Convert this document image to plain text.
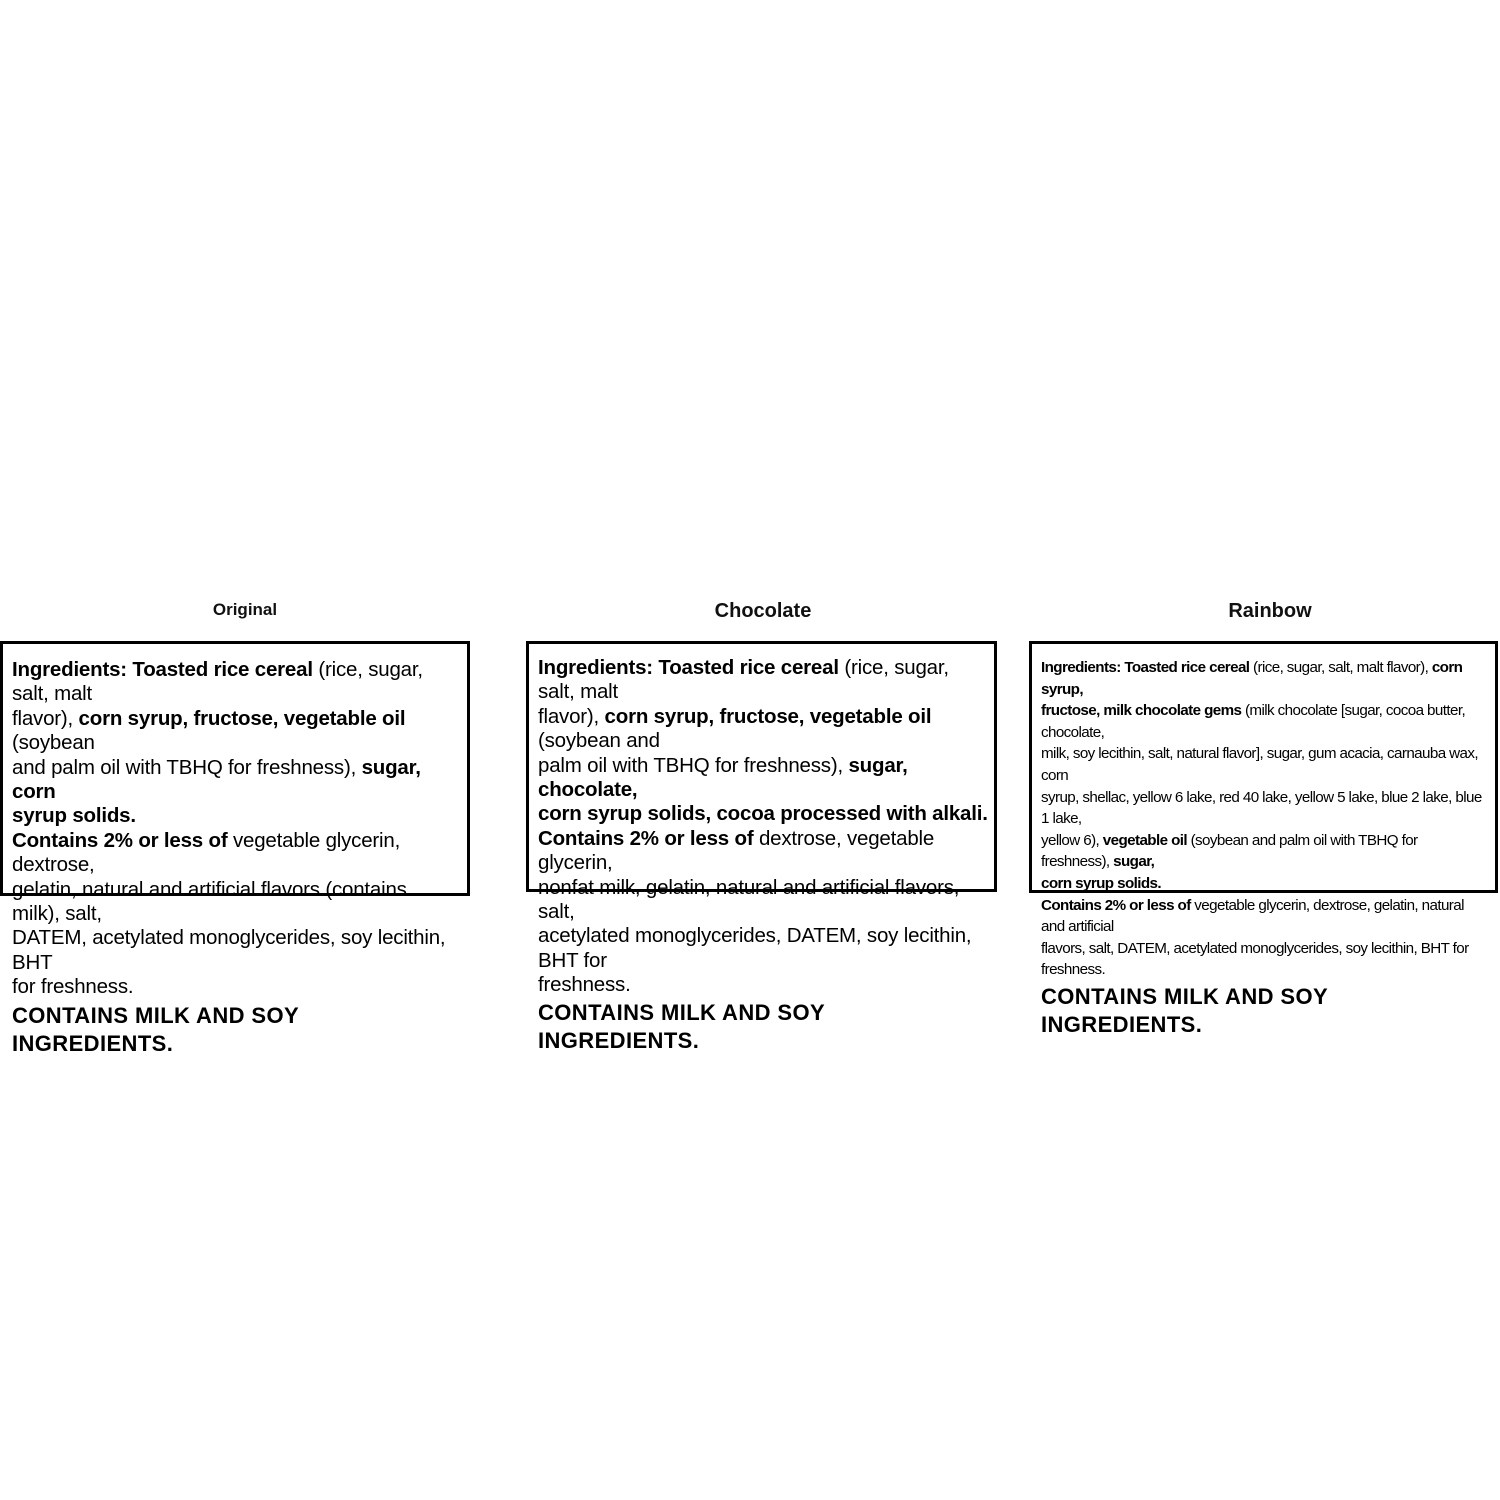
Original
Ingredients: Toasted rice cereal (rice, sugar, salt, malt
flavor), corn syrup, fructose, vegetable oil (soybean
and palm oil with TBHQ for freshness), sugar, corn
syrup solids.
Contains 2% or less of vegetable glycerin, dextrose,
gelatin, natural and artificial flavors (contains milk), salt,
DATEM, acetylated monoglycerides, soy lecithin, BHT
for freshness.
CONTAINS MILK AND SOY INGREDIENTS.
Chocolate
Ingredients: Toasted rice cereal (rice, sugar, salt, malt
flavor), corn syrup, fructose, vegetable oil (soybean and
palm oil with TBHQ for freshness), sugar, chocolate,
corn syrup solids, cocoa processed with alkali.
Contains 2% or less of dextrose, vegetable glycerin,
nonfat milk, gelatin, natural and artificial flavors, salt,
acetylated monoglycerides, DATEM, soy lecithin, BHT for
freshness.
CONTAINS MILK AND SOY INGREDIENTS.
Rainbow
Ingredients: Toasted rice cereal (rice, sugar, salt, malt flavor), corn syrup,
fructose, milk chocolate gems (milk chocolate [sugar, cocoa butter, chocolate,
milk, soy lecithin, salt, natural flavor], sugar, gum acacia, carnauba wax, corn
syrup, shellac, yellow 6 lake, red 40 lake, yellow 5 lake, blue 2 lake, blue 1 lake,
yellow 6), vegetable oil (soybean and palm oil with TBHQ for freshness), sugar,
corn syrup solids.
Contains 2% or less of vegetable glycerin, dextrose, gelatin, natural and artificial
flavors, salt, DATEM, acetylated monoglycerides, soy lecithin, BHT for freshness.
CONTAINS MILK AND SOY INGREDIENTS.
